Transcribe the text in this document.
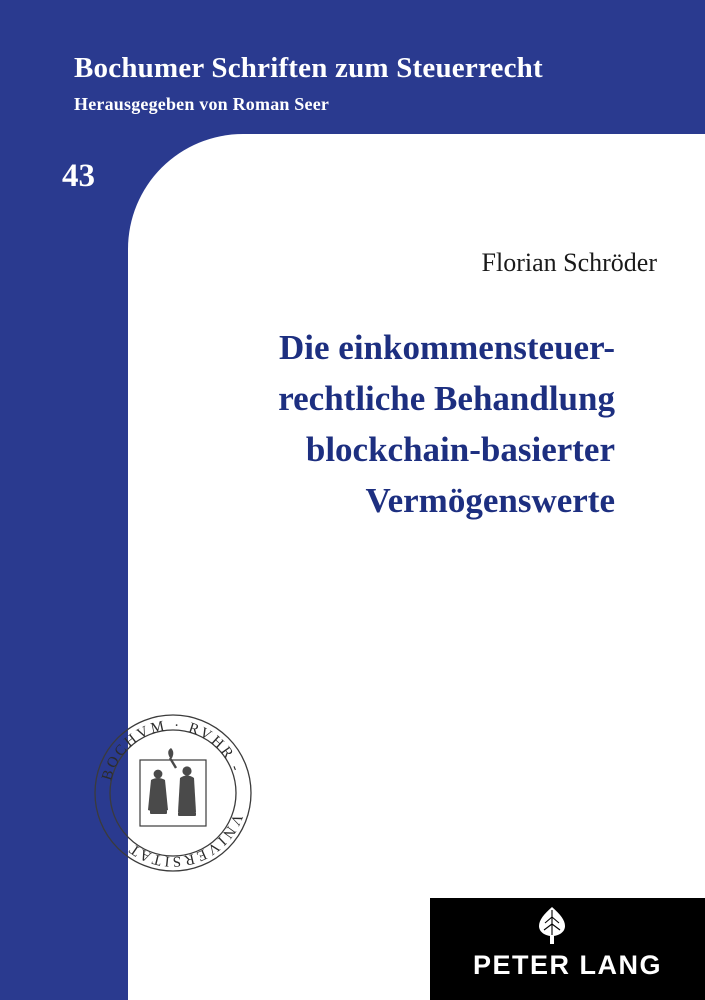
Bochumer Schriften zum Steuerrecht
Herausgegeben von Roman Seer
43
Florian Schröder
Die einkommensteuer-
rechtliche Behandlung
blockchain-basierter
Vermögenswerte
BOCHVM · RVHR -
VNIVERSITAT
PETER LANG
